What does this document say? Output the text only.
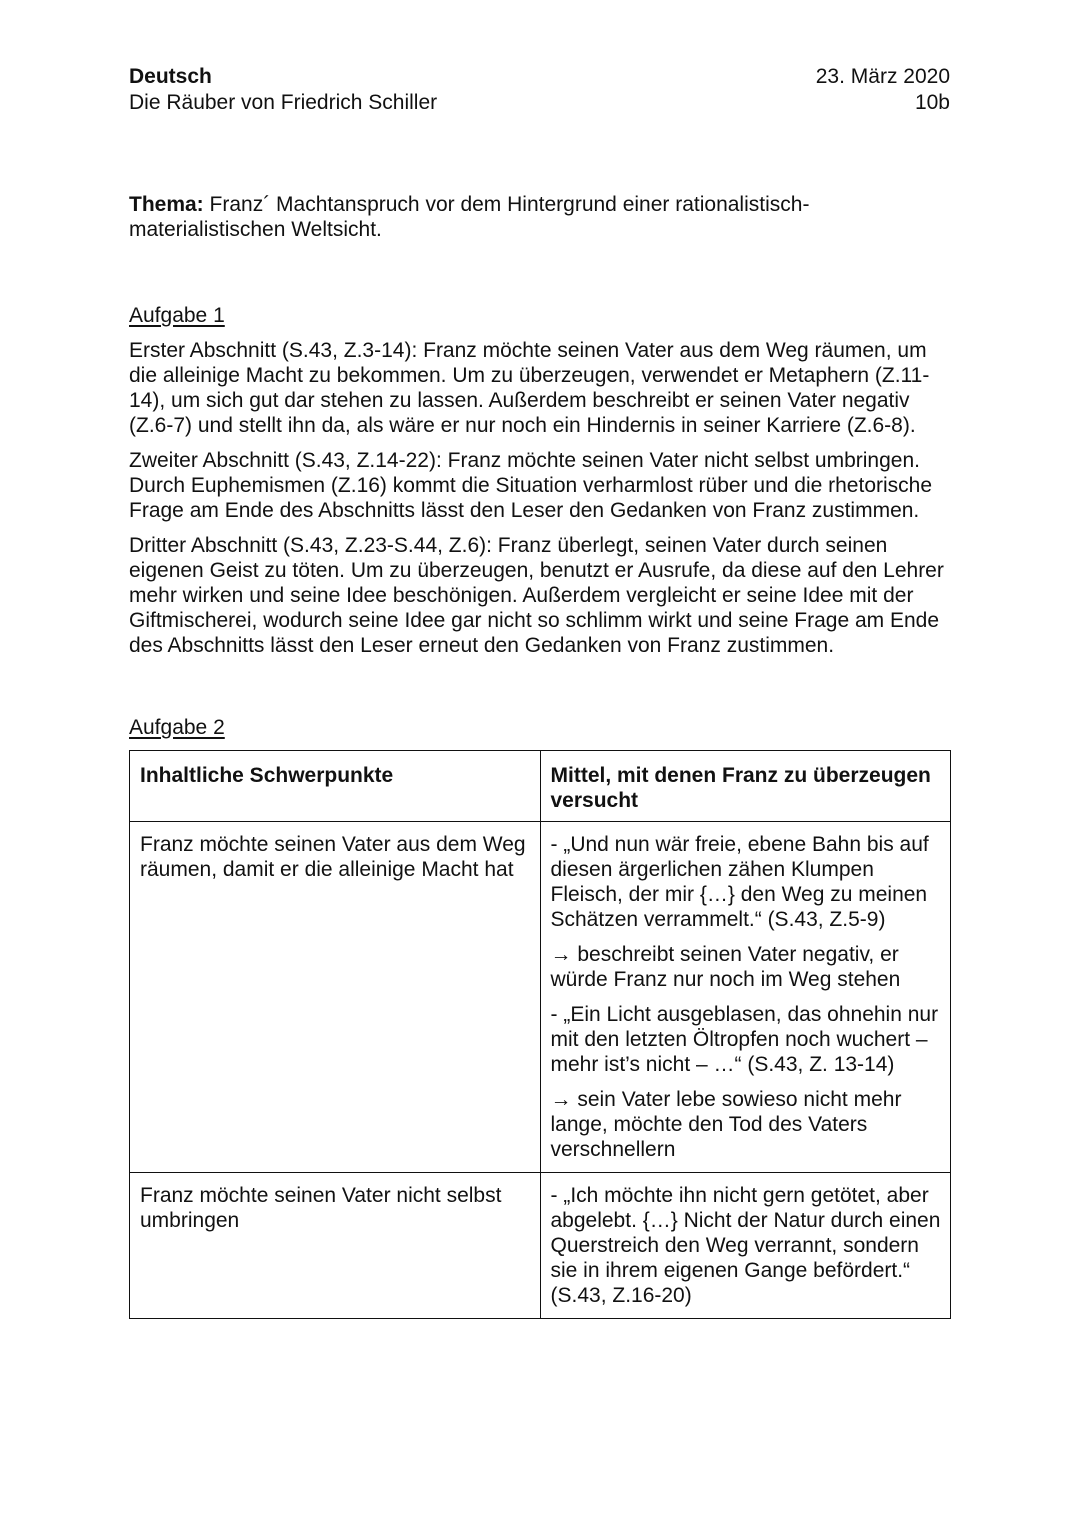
Deutsch
Die Räuber von Friedrich Schiller
23. März 2020
10b
Thema: Franz´ Machtanspruch vor dem Hintergrund einer rationalistisch-materialistischen Weltsicht.
Aufgabe 1
Erster Abschnitt (S.43, Z.3-14): Franz möchte seinen Vater aus dem Weg räumen, um die alleinige Macht zu bekommen. Um zu überzeugen, verwendet er Metaphern (Z.11-14), um sich gut dar stehen zu lassen. Außerdem beschreibt er seinen Vater negativ (Z.6-7) und stellt ihn da, als wäre er nur noch ein Hindernis in seiner Karriere (Z.6-8).
Zweiter Abschnitt (S.43, Z.14-22): Franz möchte seinen Vater nicht selbst umbringen. Durch Euphemismen (Z.16) kommt die Situation verharmlost rüber und die rhetorische Frage am Ende des Abschnitts lässt den Leser den Gedanken von Franz zustimmen.
Dritter Abschnitt (S.43, Z.23-S.44, Z.6): Franz überlegt, seinen Vater durch seinen eigenen Geist zu töten. Um zu überzeugen, benutzt er Ausrufe, da diese auf den Lehrer mehr wirken und seine Idee beschönigen. Außerdem vergleicht er seine Idee mit der Giftmischerei, wodurch seine Idee gar nicht so schlimm wirkt und seine Frage am Ende des Abschnitts lässt den Leser erneut den Gedanken von Franz zustimmen.
Aufgabe 2
Inhaltliche Schwerpunkte	Mittel, mit denen Franz zu überzeugen versucht
Franz möchte seinen Vater aus dem Weg räumen, damit er die alleinige Macht hat	- „Und nun wär freie, ebene Bahn bis auf diesen ärgerlichen zähen Klumpen Fleisch, der mir {…} den Weg zu meinen Schätzen verrammelt.“ (S.43, Z.5-9)
→ beschreibt seinen Vater negativ, er würde Franz nur noch im Weg stehen
- „Ein Licht ausgeblasen, das ohnehin nur mit den letzten Öltropfen noch wuchert – mehr ist’s nicht – …“ (S.43, Z. 13-14)
→ sein Vater lebe sowieso nicht mehr lange, möchte den Tod des Vaters verschnellern

Franz möchte seinen Vater nicht selbst umbringen	- „Ich möchte ihn nicht gern getötet, aber abgelebt. {…} Nicht der Natur durch einen Querstreich den Weg verrannt, sondern sie in ihrem eigenen Gange befördert.“ (S.43, Z.16-20)
